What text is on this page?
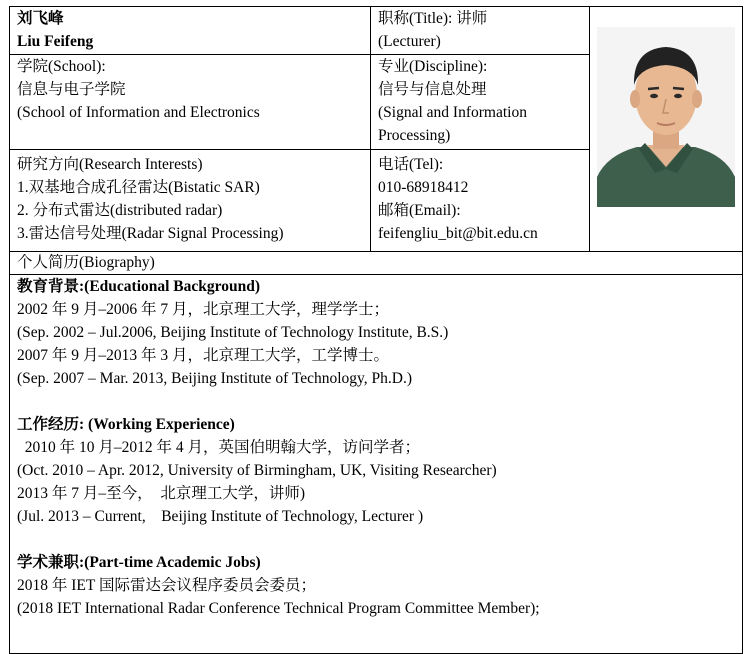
刘飞峰
Liu Feifeng
职称(Title): 讲师
(Lecturer)
学院(School):
信息与电子学院
(School of Information and Electronics
专业(Discipline):
信号与信息处理
(Signal and Information
Processing)
研究方向(Research Interests)
1.双基地合成孔径雷达(Bistatic SAR)
2. 分布式雷达(distributed radar)
3.雷达信号处理(Radar Signal Processing)
电话(Tel):
010-68918412
邮箱(Email):
feifengliu_bit@bit.edu.cn
个人简历(Biography)
教育背景:(Educational Background)
2002 年 9 月–2006 年 7 月，北京理工大学，理学学士；
(Sep. 2002 – Jul.2006, Beijing Institute of Technology Institute, B.S.)
2007 年 9 月–2013 年 3 月，北京理工大学，工学博士。
(Sep. 2007 – Mar. 2013, Beijing Institute of Technology, Ph.D.)
工作经历: (Working Experience)
2010 年 10 月–2012 年 4 月，英国伯明翰大学，访问学者；
(Oct. 2010 – Apr. 2012, University of Birmingham, UK, Visiting Researcher)
2013 年 7 月–至今，  北京理工大学，讲师)
(Jul. 2013 – Current,    Beijing Institute of Technology, Lecturer )
学术兼职:(Part-time Academic Jobs)
2018 年 IET 国际雷达会议程序委员会委员；
(2018 IET International Radar Conference Technical Program Committee Member);
